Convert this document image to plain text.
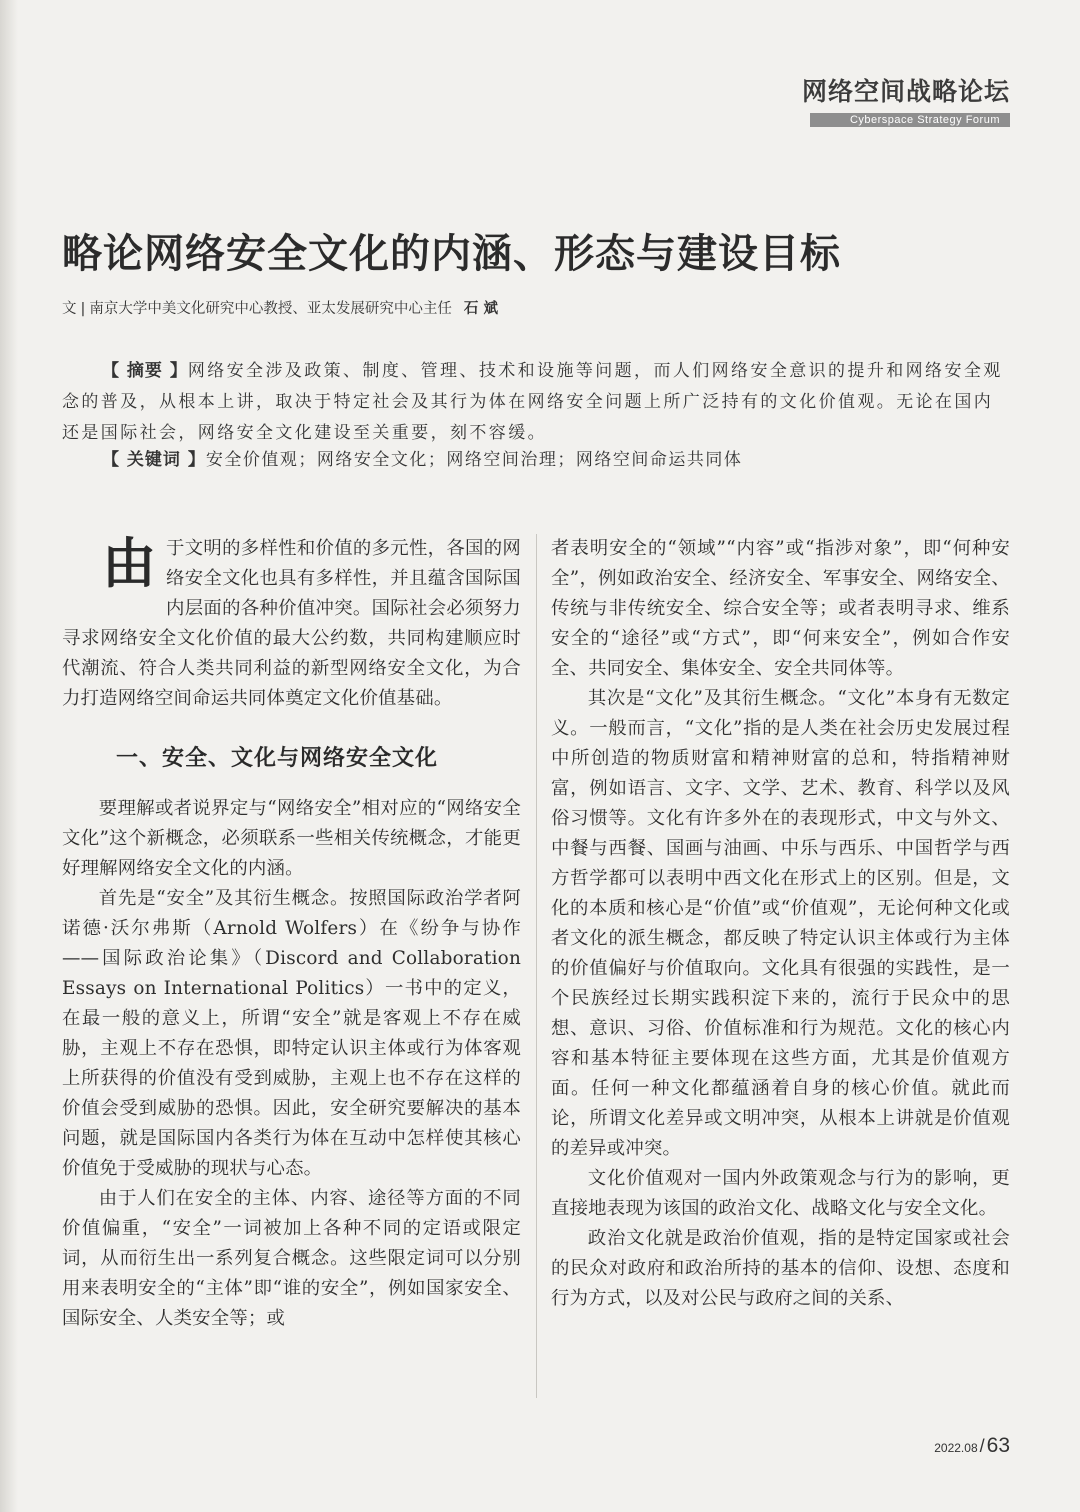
网络空间战略论坛
Cyberspace Strategy Forum
略论网络安全文化的内涵、形态与建设目标
文 | 南京大学中美文化研究中心教授、亚太发展研究中心主任 石 斌

【 摘要 】网络安全涉及政策、制度、管理、技术和设施等问题，而人们网络安全意识的提升和网络安全观念的普及，从根本上讲，取决于特定社会及其行为体在网络安全问题上所广泛持有的文化价值观。无论在国内还是国际社会，网络安全文化建设至关重要，刻不容缓。

【 关键词 】安全价值观；网络安全文化；网络空间治理；网络空间命运共同体

由于文明的多样性和价值的多元性，各国的网络安全文化也具有多样性，并且蕴含国际国内层面的各种价值冲突。国际社会必须努力寻求网络安全文化价值的最大公约数，共同构建顺应时代潮流、符合人类共同利益的新型网络安全文化，为合力打造网络空间命运共同体奠定文化价值基础。

一、安全、文化与网络安全文化

要理解或者说界定与“网络安全”相对应的“网络安全文化”这个新概念，必须联系一些相关传统概念，才能更好理解网络安全文化的内涵。

首先是“安全”及其衍生概念。按照国际政治学者阿诺德·沃尔弗斯（Arnold Wolfers）在《纷争与协作——国际政治论集》（Discord and Collaboration Essays on International Politics）一书中的定义，在最一般的意义上，所谓“安全”就是客观上不存在威胁，主观上不存在恐惧，即特定认识主体或行为体客观上所获得的价值没有受到威胁，主观上也不存在这样的价值会受到威胁的恐惧。因此，安全研究要解决的基本问题，就是国际国内各类行为体在互动中怎样使其核心价值免于受威胁的现状与心态。

由于人们在安全的主体、内容、途径等方面的不同价值偏重，“安全”一词被加上各种不同的定语或限定词，从而衍生出一系列复合概念。这些限定词可以分别用来表明安全的“主体”即“谁的安全”，例如国家安全、国际安全、人类安全等；或

者表明安全的“领域”“内容”或“指涉对象”，即“何种安全”，例如政治安全、经济安全、军事安全、网络安全、传统与非传统安全、综合安全等；或者表明寻求、维系安全的“途径”或“方式”，即“何来安全”，例如合作安全、共同安全、集体安全、安全共同体等。

其次是“文化”及其衍生概念。“文化”本身有无数定义。一般而言，“文化”指的是人类在社会历史发展过程中所创造的物质财富和精神财富的总和，特指精神财富，例如语言、文字、文学、艺术、教育、科学以及风俗习惯等。文化有许多外在的表现形式，中文与外文、中餐与西餐、国画与油画、中乐与西乐、中国哲学与西方哲学都可以表明中西文化在形式上的区别。但是，文化的本质和核心是“价值”或“价值观”，无论何种文化或者文化的派生概念，都反映了特定认识主体或行为主体的价值偏好与价值取向。文化具有很强的实践性，是一个民族经过长期实践积淀下来的，流行于民众中的思想、意识、习俗、价值标准和行为规范。文化的核心内容和基本特征主要体现在这些方面，尤其是价值观方面。任何一种文化都蕴涵着自身的核心价值。就此而论，所谓文化差异或文明冲突，从根本上讲就是价值观的差异或冲突。

文化价值观对一国内外政策观念与行为的影响，更直接地表现为该国的政治文化、战略文化与安全文化。

政治文化就是政治价值观，指的是特定国家或社会的民众对政府和政治所持的基本的信仰、设想、态度和行为方式，以及对公民与政府之间的关系、

2022.08 /63
